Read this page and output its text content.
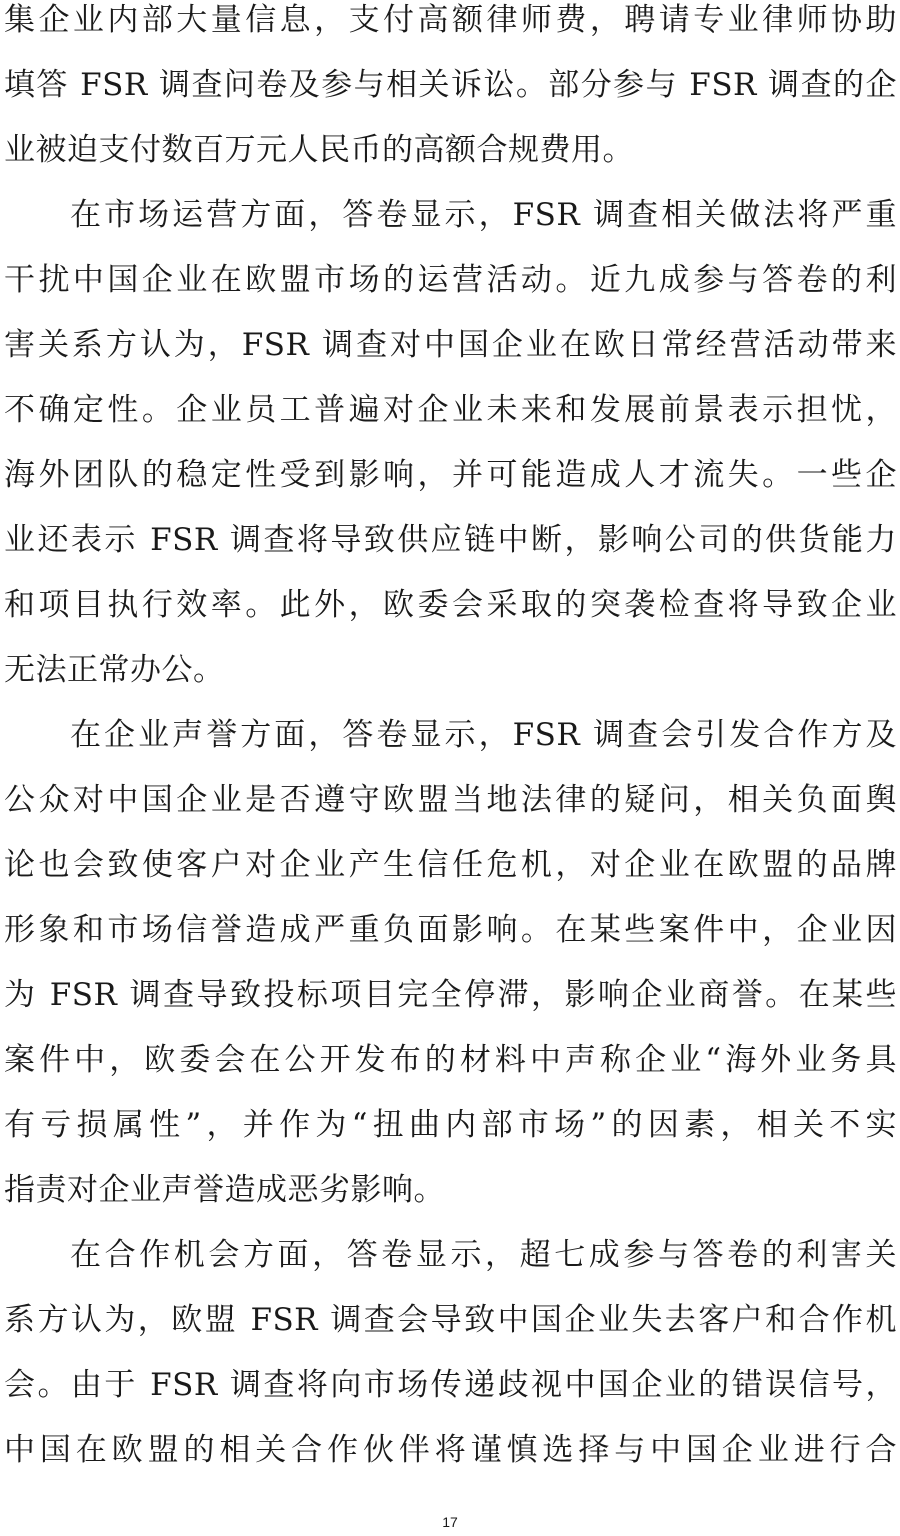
集企业内部大量信息，支付高额律师费，聘请专业律师协助
填答 FSR 调查问卷及参与相关诉讼。部分参与 FSR 调查的企
业被迫支付数百万元人民币的高额合规费用。
在市场运营方面，答卷显示，FSR 调查相关做法将严重
干扰中国企业在欧盟市场的运营活动。近九成参与答卷的利
害关系方认为，FSR 调查对中国企业在欧日常经营活动带来
不确定性。企业员工普遍对企业未来和发展前景表示担忧，
海外团队的稳定性受到影响，并可能造成人才流失。一些企
业还表示 FSR 调查将导致供应链中断，影响公司的供货能力
和项目执行效率。此外，欧委会采取的突袭检查将导致企业
无法正常办公。
在企业声誉方面，答卷显示，FSR 调查会引发合作方及
公众对中国企业是否遵守欧盟当地法律的疑问，相关负面舆
论也会致使客户对企业产生信任危机，对企业在欧盟的品牌
形象和市场信誉造成严重负面影响。在某些案件中，企业因
为 FSR 调查导致投标项目完全停滞，影响企业商誉。在某些
案件中，欧委会在公开发布的材料中声称企业“海外业务具
有亏损属性”，并作为“扭曲内部市场”的因素，相关不实
指责对企业声誉造成恶劣影响。
在合作机会方面，答卷显示，超七成参与答卷的利害关
系方认为，欧盟 FSR 调查会导致中国企业失去客户和合作机
会。由于 FSR 调查将向市场传递歧视中国企业的错误信号，
中国在欧盟的相关合作伙伴将谨慎选择与中国企业进行合
17
